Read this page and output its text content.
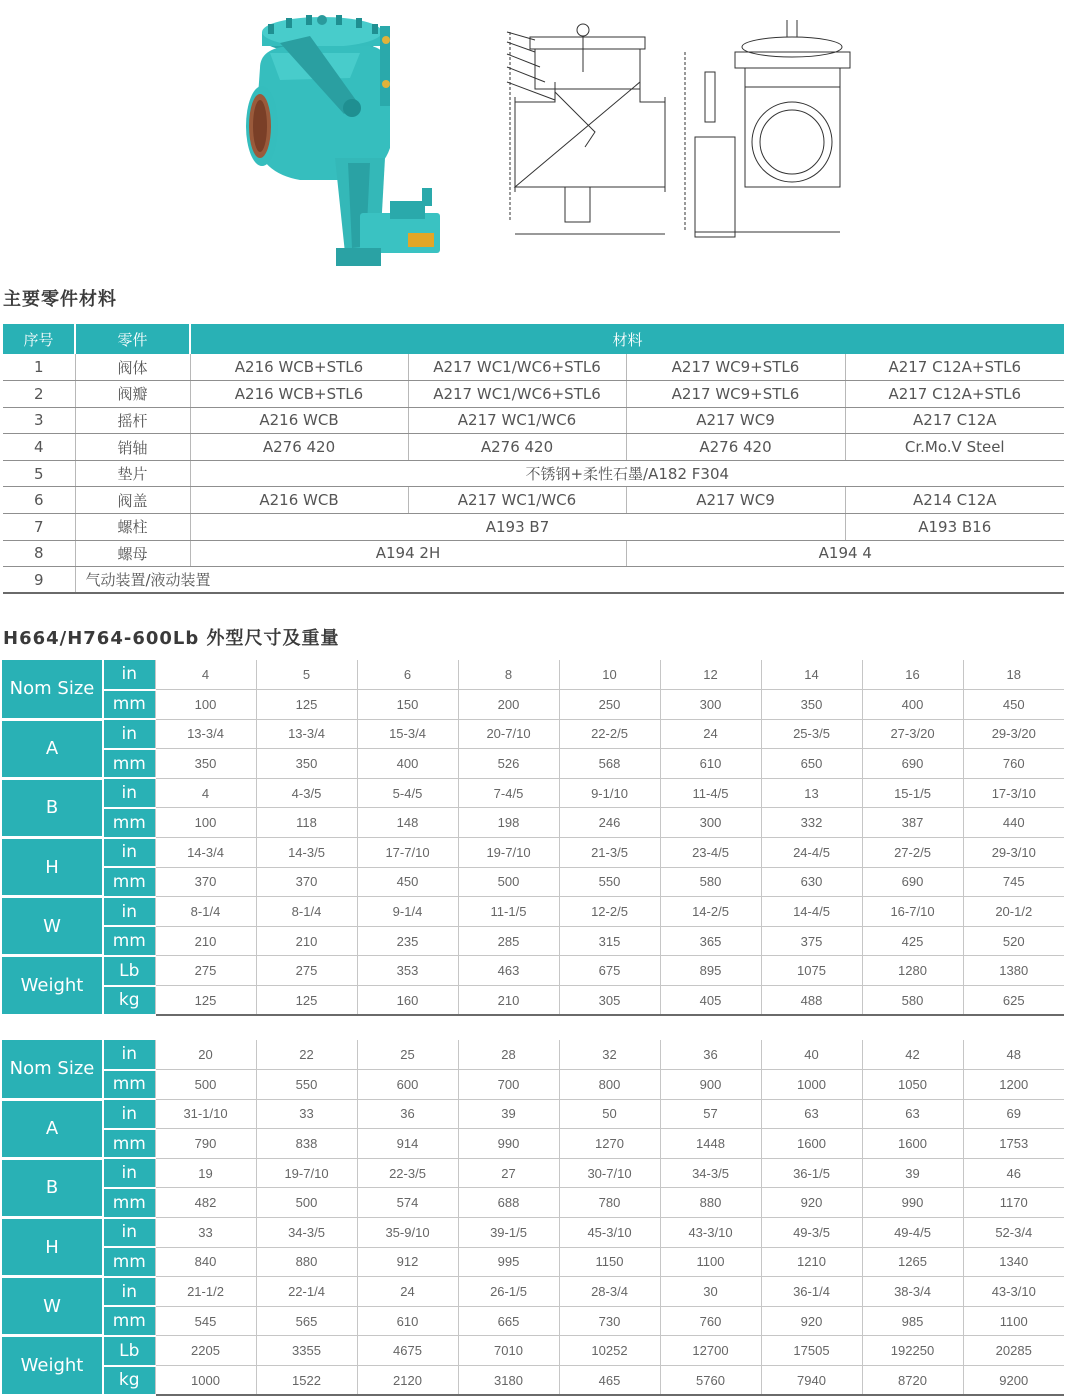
主要零件材料
序号	零件	材料			
1	阀体	A216 WCB+STL6	A217 WC1/WC6+STL6	A217 WC9+STL6	A217 C12A+STL6
2	阀瓣	A216 WCB+STL6	A217 WC1/WC6+STL6	A217 WC9+STL6	A217 C12A+STL6
3	摇杆	A216 WCB	A217 WC1/WC6	A217 WC9	A217 C12A
4	销轴	A276 420	A276 420	A276 420	Cr.Mo.V Steel
5	垫片	不锈钢+柔性石墨/A182 F304			
6	阀盖	A216 WCB	A217 WC1/WC6	A217 WC9	A214 C12A
7	螺柱	A193 B7			A193 B16
8	螺母	A194 2H		A194 4	
9	气动装置/液动装置				
H664/H764-600Lb 外型尺寸及重量
Nom Size	in	4	5	6	8	10	12	14	16	18
	mm	100	125	150	200	250	300	350	400	450
A	in	13-3/4	13-3/4	15-3/4	20-7/10	22-2/5	24	25-3/5	27-3/20	29-3/20
	mm	350	350	400	526	568	610	650	690	760
B	in	4	4-3/5	5-4/5	7-4/5	9-1/10	11-4/5	13	15-1/5	17-3/10
	mm	100	118	148	198	246	300	332	387	440
H	in	14-3/4	14-3/5	17-7/10	19-7/10	21-3/5	23-4/5	24-4/5	27-2/5	29-3/10
	mm	370	370	450	500	550	580	630	690	745
W	in	8-1/4	8-1/4	9-1/4	11-1/5	12-2/5	14-2/5	14-4/5	16-7/10	20-1/2
	mm	210	210	235	285	315	365	375	425	520
Weight	Lb	275	275	353	463	675	895	1075	1280	1380
	kg	125	125	160	210	305	405	488	580	625
Nom Size	in	20	22	25	28	32	36	40	42	48
	mm	500	550	600	700	800	900	1000	1050	1200
A	in	31-1/10	33	36	39	50	57	63	63	69
	mm	790	838	914	990	1270	1448	1600	1600	1753
B	in	19	19-7/10	22-3/5	27	30-7/10	34-3/5	36-1/5	39	46
	mm	482	500	574	688	780	880	920	990	1170
H	in	33	34-3/5	35-9/10	39-1/5	45-3/10	43-3/10	49-3/5	49-4/5	52-3/4
	mm	840	880	912	995	1150	1100	1210	1265	1340
W	in	21-1/2	22-1/4	24	26-1/5	28-3/4	30	36-1/4	38-3/4	43-3/10
	mm	545	565	610	665	730	760	920	985	1100
Weight	Lb	2205	3355	4675	7010	10252	12700	17505	192250	20285
	kg	1000	1522	2120	3180	465	5760	7940	8720	9200
